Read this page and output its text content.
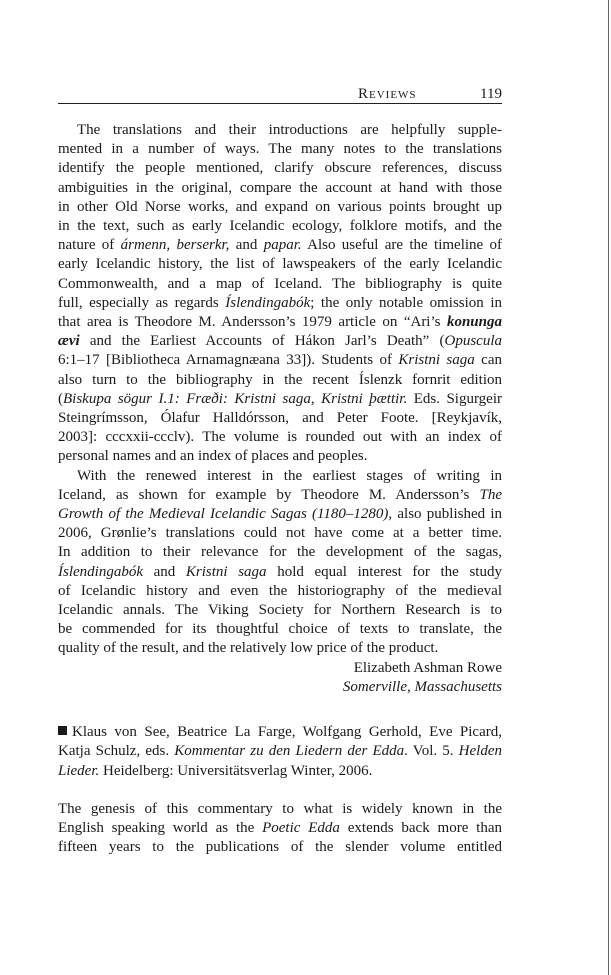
Reviews	119
The translations and their introductions are helpfully supple-
mented in a number of ways. The many notes to the translations
identify the people mentioned, clarify obscure references, discuss
ambiguities in the original, compare the account at hand with those
in other Old Norse works, and expand on various points brought up
in the text, such as early Icelandic ecology, folklore motifs, and the
nature of ármenn, berserkr, and papar. Also useful are the timeline of
early Icelandic history, the list of lawspeakers of the early Icelandic
Commonwealth, and a map of Iceland. The bibliography is quite
full, especially as regards Íslendingabók; the only notable omission in
that area is Theodore M. Andersson’s 1979 article on “Ari’s konunga
ævi and the Earliest Accounts of Hákon Jarl’s Death” (Opuscula
6:1–17 [Bibliotheca Arnamagnæana 33]). Students of Kristni saga can
also turn to the bibliography in the recent Íslenzk fornrit edition
(Biskupa sögur I.1: Fræði: Kristni saga, Kristni þættir. Eds. Sigurgeir
Steingrímsson, Ólafur Halldórsson, and Peter Foote. [Reykjavík,
2003]: cccxxii-ccclv). The volume is rounded out with an index of
personal names and an index of places and peoples.
With the renewed interest in the earliest stages of writing in
Iceland, as shown for example by Theodore M. Andersson’s The
Growth of the Medieval Icelandic Sagas (1180–1280), also published in
2006, Grønlie’s translations could not have come at a better time.
In addition to their relevance for the development of the sagas,
Íslendingabók and Kristni saga hold equal interest for the study
of Icelandic history and even the historiography of the medieval
Icelandic annals. The Viking Society for Northern Research is to
be commended for its thoughtful choice of texts to translate, the
quality of the result, and the relatively low price of the product.
Elizabeth Ashman Rowe
Somerville, Massachusetts
Klaus von See, Beatrice La Farge, Wolfgang Gerhold, Eve Picard,
Katja Schulz, eds. Kommentar zu den Liedern der Edda. Vol. 5. Helden
Lieder. Heidelberg: Universitätsverlag Winter, 2006.
The genesis of this commentary to what is widely known in the
English speaking world as the Poetic Edda extends back more than
fifteen years to the publications of the slender volume entitled
